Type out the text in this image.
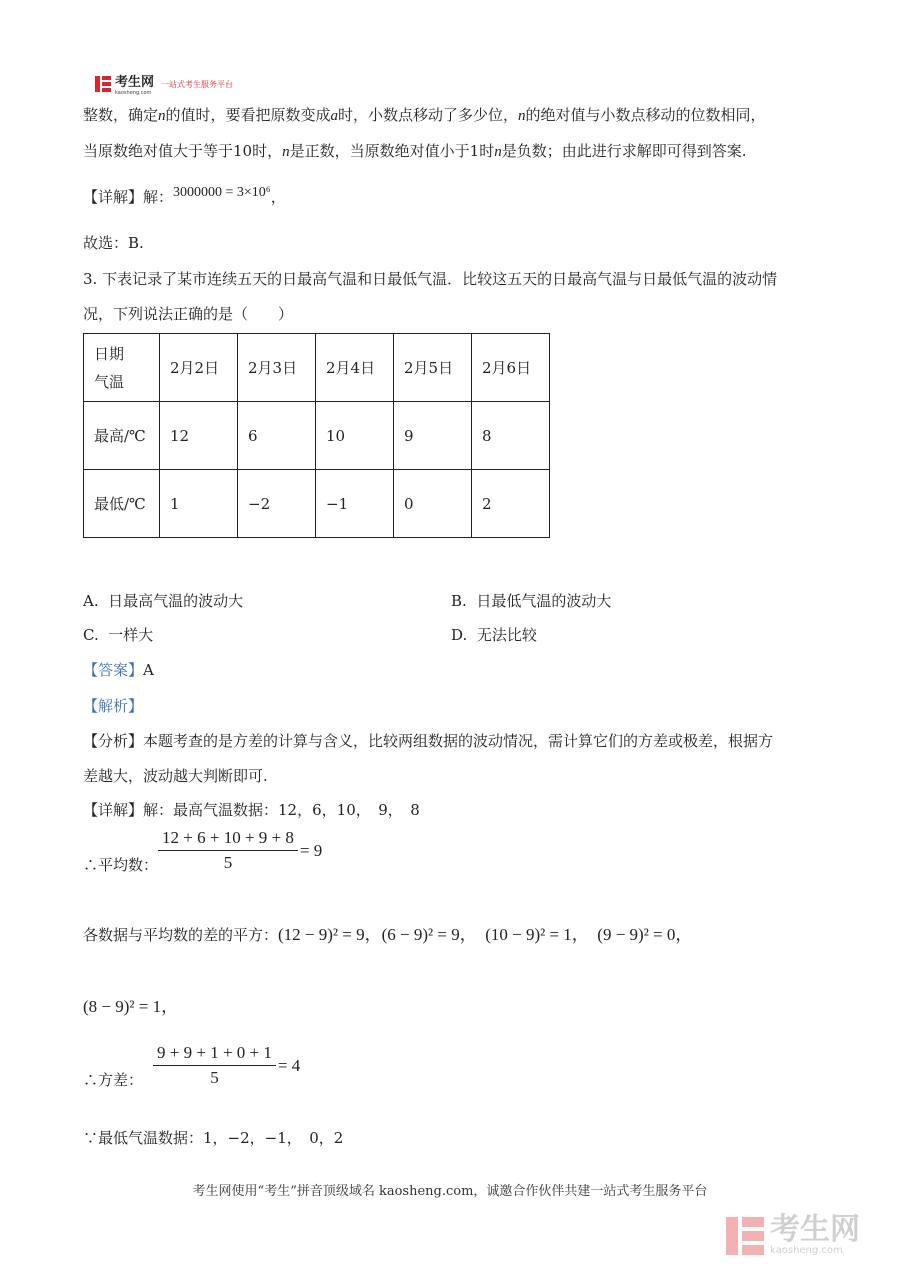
考生网
kaosheng.com
一站式考生服务平台
整数，确定n的值时，要看把原数变成a时，小数点移动了多少位，n的绝对值与小数点移动的位数相同，
当原数绝对值大于等于10时，n是正数，当原数绝对值小于1时n是负数；由此进行求解即可得到答案.
【详解】解：3000000 = 3×10⁶，
故选：B.
3. 下表记录了某市连续五天的日最高气温和日最低气温．比较这五天的日最高气温与日最低气温的波动情
况，下列说法正确的是（　　）
日期
气温	2月2日	2月3日	2月4日	2月5日	2月6日
最高/℃	12	6	10	9	8
最低/℃	1	−2	−1	0	2
A. 日最高气温的波动大	B. 日最低气温的波动大
C. 一样大	D. 无法比较
【答案】A
【解析】
【分析】本题考查的是方差的计算与含义，比较两组数据的波动情况，需计算它们的方差或极差，根据方
差越大，波动越大判断即可.
【详解】解：最高气温数据：12，6，10，　9，　8
∴平均数： $\frac{12 + 6 + 10 + 9 + 8}{5} = 9$
各数据与平均数的差的平方：(12 − 9)² = 9，(6 − 9)² = 9，　(10 − 9)² = 1，　(9 − 9)² = 0，
(8 − 9)² = 1，
∴方差： $\frac{9 + 9 + 1 + 0 + 1}{5} = 4$
∵最低气温数据：1，−2，−1，　0，2
考生网使用“考生”拼音顶级域名 kaosheng.com，诚邀合作伙伴共建一站式考生服务平台
考生网
kaosheng.com
